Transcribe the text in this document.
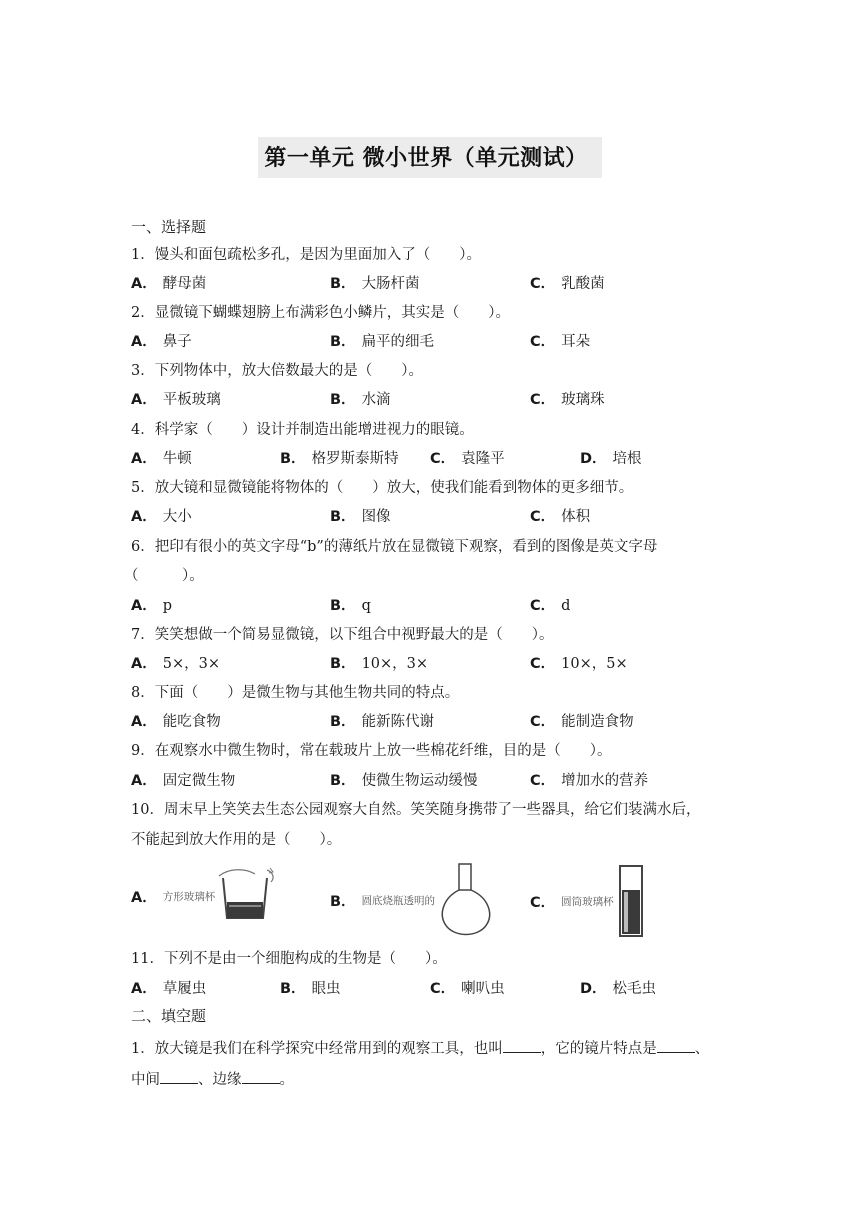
第一单元 微小世界（单元测试）
一、选择题
1．馒头和面包疏松多孔，是因为里面加入了（　　）。
A． 酵母菌	B． 大肠杆菌	C． 乳酸菌
2．显微镜下蝴蝶翅膀上布满彩色小鳞片，其实是（　　）。
A． 鼻子	B． 扁平的细毛	C． 耳朵
3．下列物体中，放大倍数最大的是（　　）。
A． 平板玻璃	B． 水滴	C． 玻璃珠
4．科学家（　　）设计并制造出能增进视力的眼镜。
A． 牛顿	B． 格罗斯泰斯特 C． 袁隆平	D． 培根
5．放大镜和显微镜能将物体的（　　）放大，使我们能看到物体的更多细节。
A． 大小	B． 图像	C． 体积
6．把印有很小的英文字母“b”的薄纸片放在显微镜下观察，看到的图像是英文字母
（　　　）。
A． p	B． q	C． d
7．笑笑想做一个简易显微镜，以下组合中视野最大的是（　　）。
A． 5×，3×	B． 10×，3×	C． 10×，5×
8．下面（　　）是微生物与其他生物共同的特点。
A． 能吃食物	B． 能新陈代谢	C． 能制造食物
9．在观察水中微生物时，常在载玻片上放一些棉花纤维，目的是（　　）。
A． 固定微生物	B． 使微生物运动缓慢	C． 增加水的营养
10．周末早上笑笑去生态公园观察大自然。笑笑随身携带了一些器具，给它们装满水后，
不能起到放大作用的是（　　）。
A． 方形玻璃杯	B． 圆底烧瓶透明的	C． 圆筒玻璃杯
11．下列不是由一个细胞构成的生物是（　　）。
A． 草履虫	B． 眼虫	C． 喇叭虫	D． 松毛虫
二、填空题
1．放大镜是我们在科学探究中经常用到的观察工具，也叫	，它的镜片特点是	、
中间	、边缘	。
